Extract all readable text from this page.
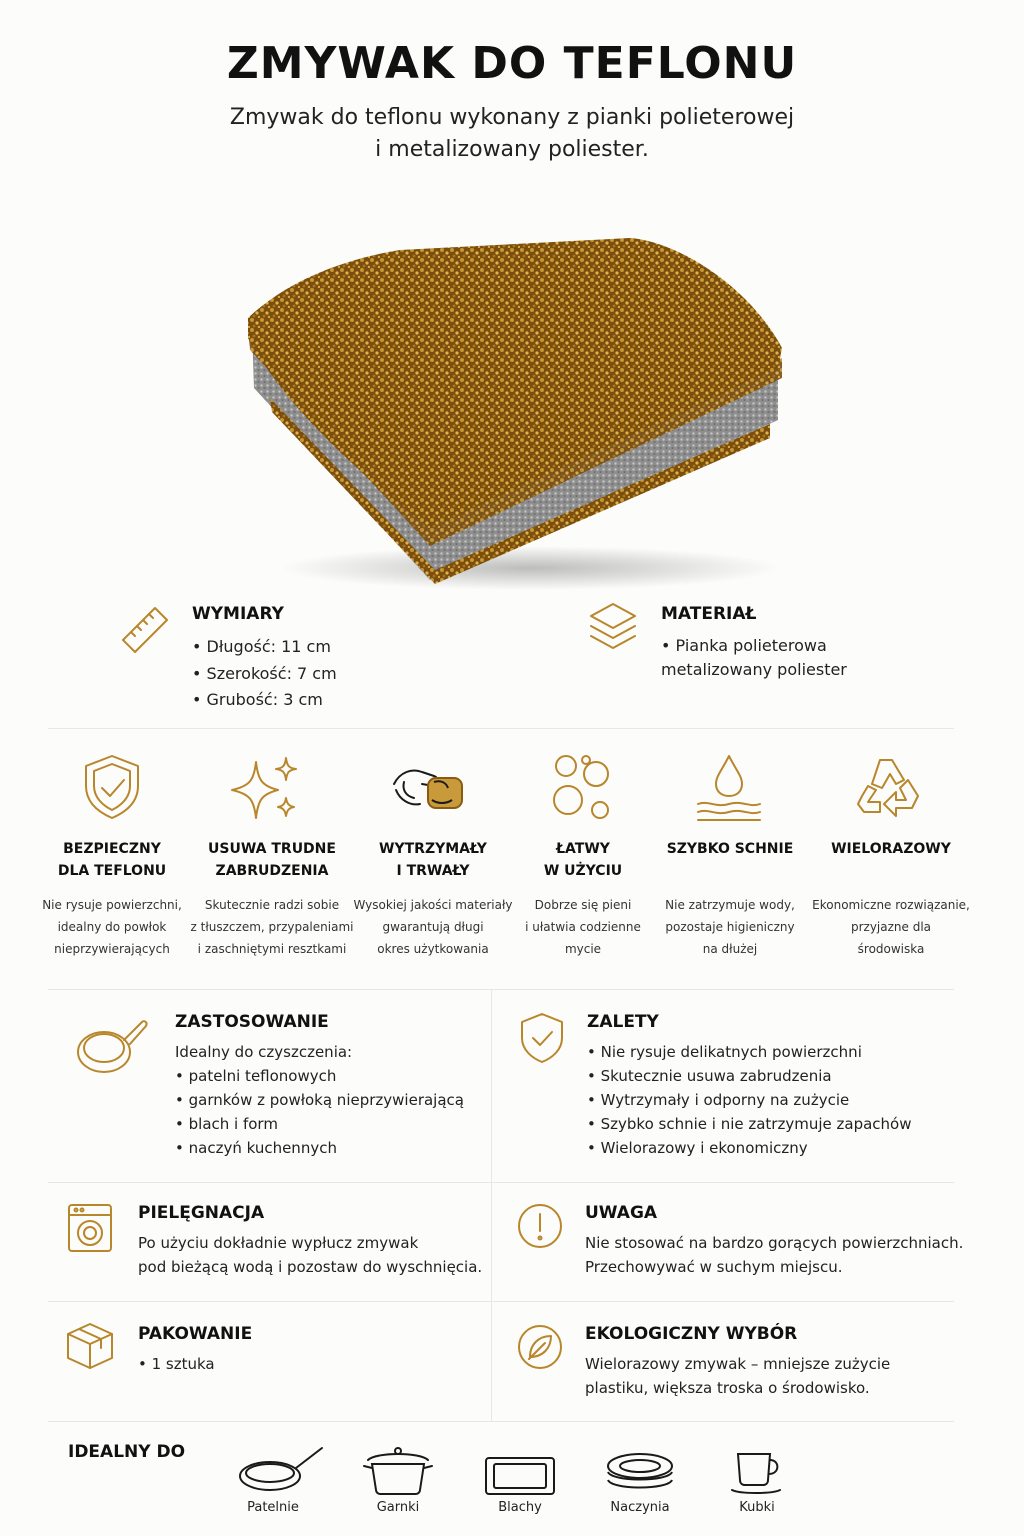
ZMYWAK DO TEFLONU
Zmywak do teflonu wykonany z pianki polieterowej
i metalizowany poliester.
WYMIARY
• Długość: 11 cm
• Szerokość: 7 cm
• Grubość: 3 cm
MATERIAŁ
• Pianka polieterowa
metalizowany poliester
BEZPIECZNY
DLA TEFLONU
Nie rysuje powierzchni,
idealny do powłok
nieprzywierających
USUWA TRUDNE
ZABRUDZENIA
Skutecznie radzi sobie
z tłuszczem, przypaleniami
i zaschniętymi resztkami
WYTRZYMAŁY
I TRWAŁY
Wysokiej jakości materiały
gwarantują długi
okres użytkowania
ŁATWY
W UŻYCIU
Dobrze się pieni
i ułatwia codzienne
mycie
SZYBKO SCHNIE
Nie zatrzymuje wody,
pozostaje higieniczny
na dłużej
WIELORAZOWY
Ekonomiczne rozwiązanie,
przyjazne dla
środowiska
ZASTOSOWANIE
Idealny do czyszczenia:
• patelni teflonowych
• garnków z powłoką nieprzywierającą
• blach i form
• naczyń kuchennych
ZALETY
• Nie rysuje delikatnych powierzchni
• Skutecznie usuwa zabrudzenia
• Wytrzymały i odporny na zużycie
• Szybko schnie i nie zatrzymuje zapachów
• Wielorazowy i ekonomiczny
PIELĘGNACJA
Po użyciu dokładnie wypłucz zmywak
pod bieżącą wodą i pozostaw do wyschnięcia.
UWAGA
Nie stosować na bardzo gorących powierzchniach.
Przechowywać w suchym miejscu.
PAKOWANIE
• 1 sztuka
EKOLOGICZNY WYBÓR
Wielorazowy zmywak – mniejsze zużycie
plastiku, większa troska o środowisko.
IDEALNY DO
Patelnie	Garnki	Blachy	Naczynia	Kubki
